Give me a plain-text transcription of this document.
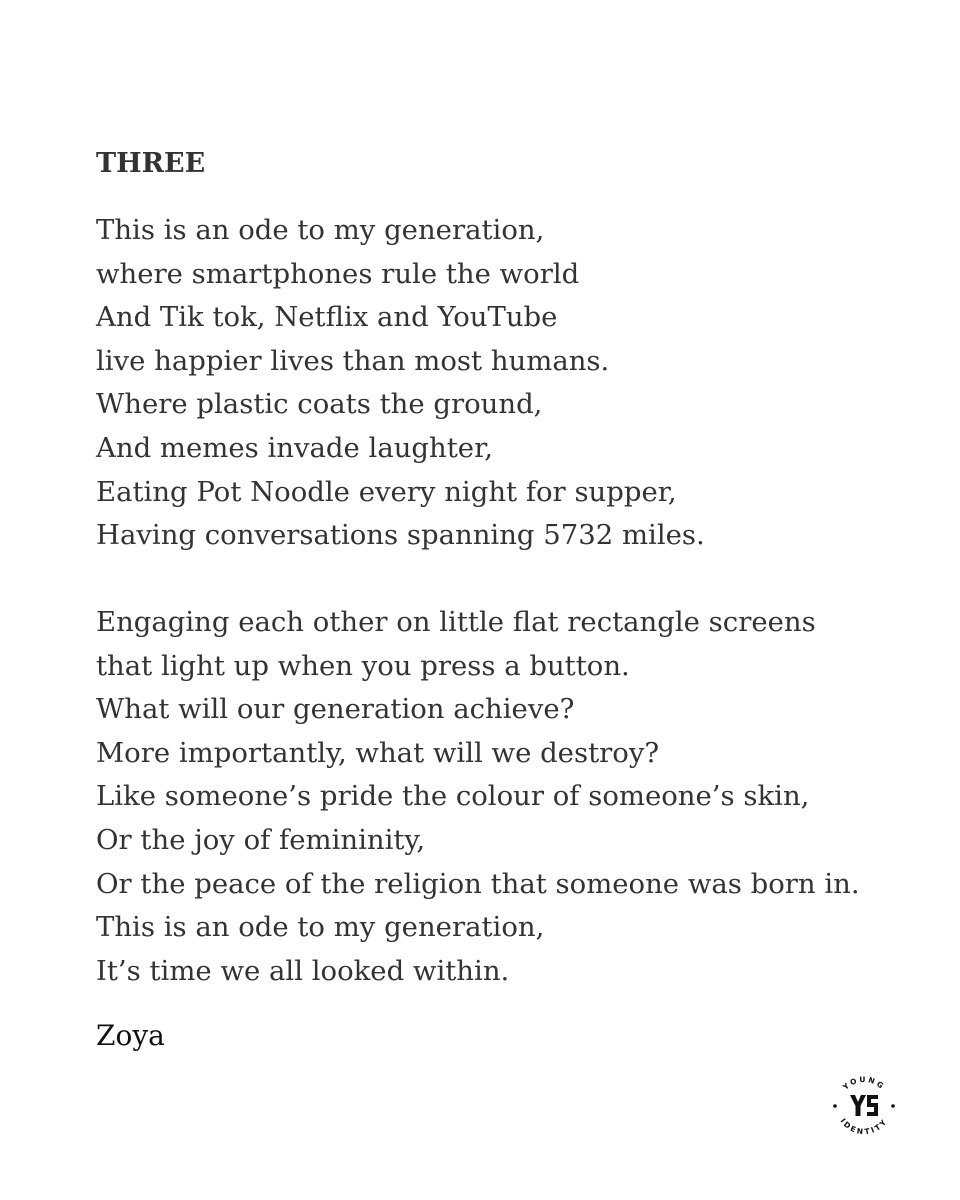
THREE
This is an ode to my generation,
where smartphones rule the world
And Tik tok, Netflix and YouTube
live happier lives than most humans.
Where plastic coats the ground,
And memes invade laughter,
Eating Pot Noodle every night for supper,
Having conversations spanning 5732 miles.
Engaging each other on little flat rectangle screens
that light up when you press a button.
What will our generation achieve?
More importantly, what will we destroy?
Like someone’s pride the colour of someone’s skin,
Or the joy of femininity,
Or the peace of the religion that someone was born in.
This is an ode to my generation,
It’s time we all looked within.

Zoya

YOUNG
IDENTITY
